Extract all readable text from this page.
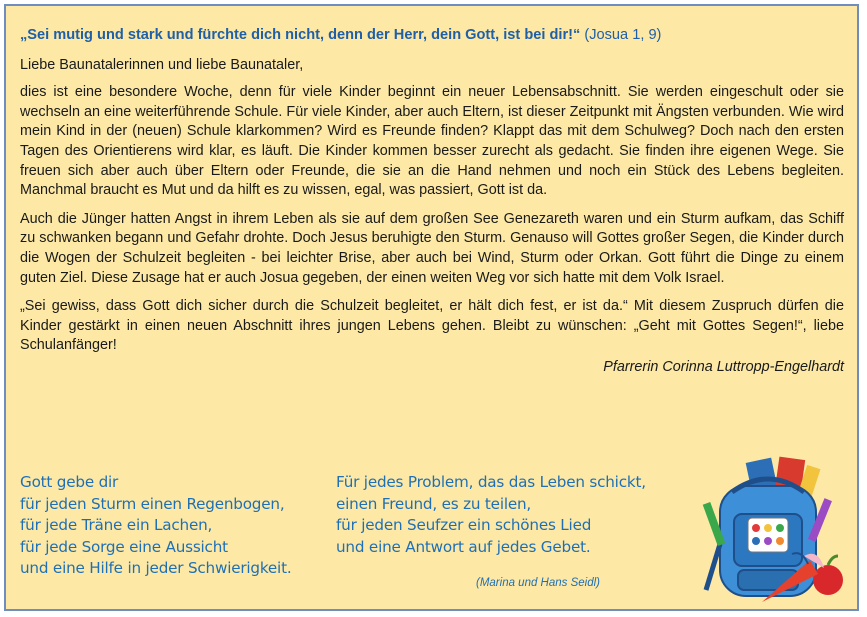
„Sei mutig und stark und fürchte dich nicht, denn der Herr, dein Gott, ist bei dir!“ (Josua 1, 9)

Liebe Baunatalerinnen und liebe Baunataler,

dies ist eine besondere Woche, denn für viele Kinder beginnt ein neuer Lebensabschnitt. Sie werden eingeschult oder sie wechseln an eine weiterführende Schule. Für viele Kinder, aber auch Eltern, ist dieser Zeitpunkt mit Ängsten verbunden. Wie wird mein Kind in der (neuen) Schule klarkommen? Wird es Freunde finden? Klappt das mit dem Schulweg? Doch nach den ersten Tagen des Orientierens wird klar, es läuft. Die Kinder kommen besser zurecht als gedacht. Sie finden ihre eigenen Wege. Sie freuen sich aber auch über Eltern oder Freunde, die sie an die Hand nehmen und noch ein Stück des Lebens begleiten. Manchmal braucht es Mut und da hilft es zu wissen, egal, was passiert, Gott ist da.

Auch die Jünger hatten Angst in ihrem Leben als sie auf dem großen See Genezareth waren und ein Sturm aufkam, das Schiff zu schwanken begann und Gefahr drohte. Doch Jesus beruhigte den Sturm. Genauso will Gottes großer Segen, die Kinder durch die Wogen der Schulzeit begleiten - bei leichter Brise, aber auch bei Wind, Sturm oder Orkan. Gott führt die Dinge zu einem guten Ziel. Diese Zusage hat er auch Josua gegeben, der einen weiten Weg vor sich hatte mit dem Volk Israel.

„Sei gewiss, dass Gott dich sicher durch die Schulzeit begleitet, er hält dich fest, er ist da.“ Mit diesem Zuspruch dürfen die Kinder gestärkt in einen neuen Abschnitt ihres jungen Lebens gehen. Bleibt zu wünschen: „Geht mit Gottes Segen!“, liebe Schulanfänger!

Pfarrerin Corinna Luttropp-Engelhardt
Gott gebe dir
für jeden Sturm einen Regenbogen,
für jede Träne ein Lachen,
für jede Sorge eine Aussicht
und eine Hilfe in jeder Schwierigkeit.
Für jedes Problem, das das Leben schickt,
einen Freund, es zu teilen,
für jeden Seufzer ein schönes Lied
und eine Antwort auf jedes Gebet.
(Marina und Hans Seidl)
